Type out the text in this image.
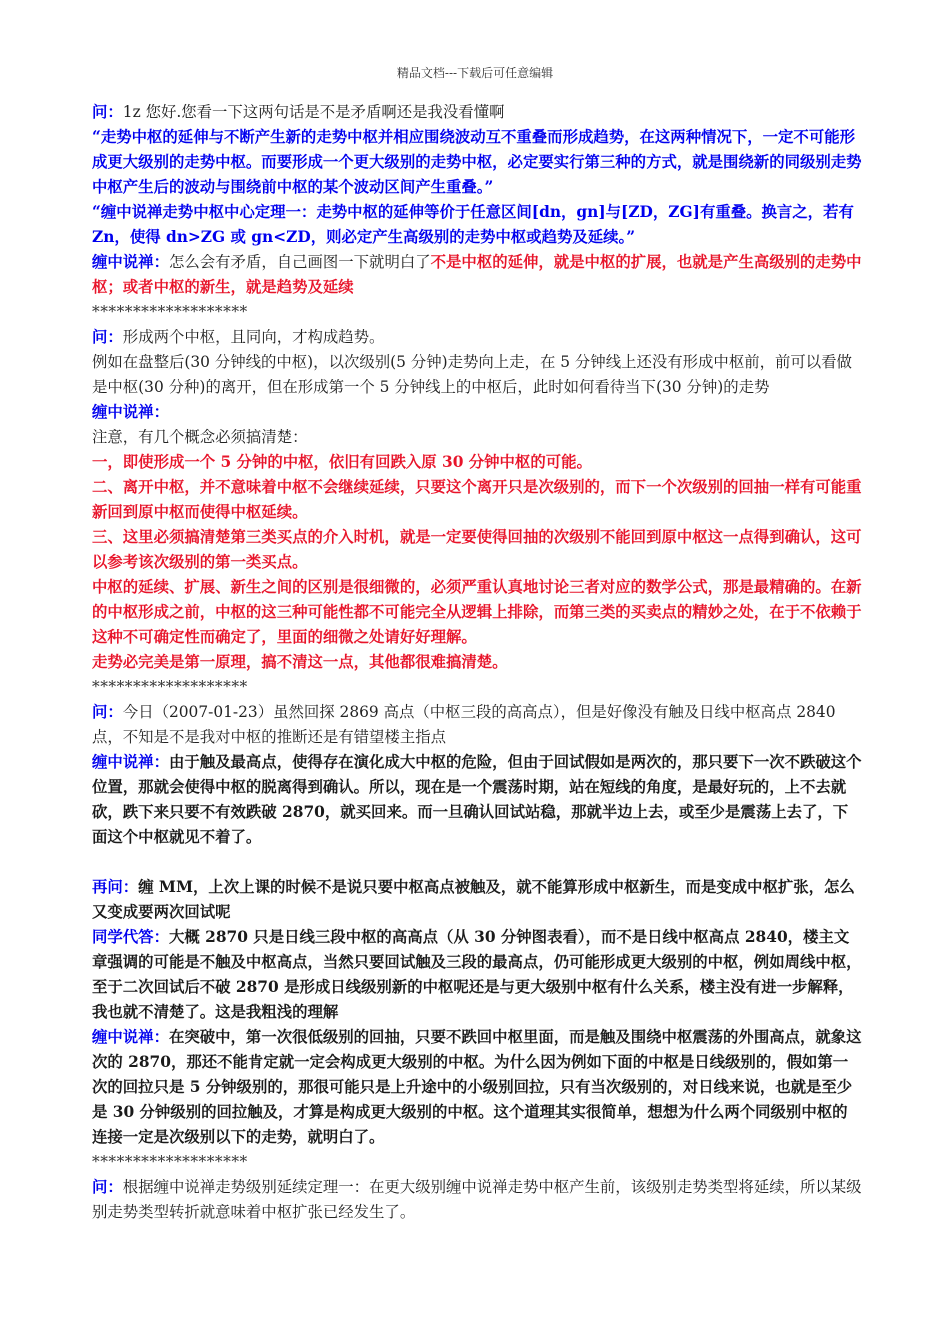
精品文档---下载后可任意编辑

问：1z 您好.您看一下这两句话是不是矛盾啊还是我没看懂啊

“走势中枢的延伸与不断产生新的走势中枢并相应围绕波动互不重叠而形成趋势，在这两种情况下，一定不可能形成更大级别的走势中枢。而要形成一个更大级别的走势中枢，必定要实行第三种的方式，就是围绕新的同级别走势中枢产生后的波动与围绕前中枢的某个波动区间产生重叠。”

“缠中说禅走势中枢中心定理一：走势中枢的延伸等价于任意区间[dn，gn]与[ZD，ZG]有重叠。换言之，若有 Zn，使得 dn>ZG 或 gn<ZD，则必定产生高级别的走势中枢或趋势及延续。”

缠中说禅：怎么会有矛盾，自己画图一下就明白了不是中枢的延伸，就是中枢的扩展，也就是产生高级别的走势中枢；或者中枢的新生，就是趋势及延续

*******************

问：形成两个中枢，且同向，才构成趋势。

例如在盘整后(30 分钟线的中枢)，以次级别(5 分钟)走势向上走，在 5 分钟线上还没有形成中枢前，前可以看做是中枢(30 分种)的离开，但在形成第一个 5 分钟线上的中枢后，此时如何看待当下(30 分钟)的走势

缠中说禅：

注意，有几个概念必须搞清楚：

一，即使形成一个 5 分钟的中枢，依旧有回跌入原 30 分钟中枢的可能。

二、离开中枢，并不意味着中枢不会继续延续，只要这个离开只是次级别的，而下一个次级别的回抽一样有可能重新回到原中枢而使得中枢延续。

三、这里必须搞清楚第三类买点的介入时机，就是一定要使得回抽的次级别不能回到原中枢这一点得到确认，这可以参考该次级别的第一类买点。

中枢的延续、扩展、新生之间的区别是很细微的，必须严重认真地讨论三者对应的数学公式，那是最精确的。在新的中枢形成之前，中枢的这三种可能性都不可能完全从逻辑上排除，而第三类的买卖点的精妙之处，在于不依赖于这种不可确定性而确定了，里面的细微之处请好好理解。

走势必完美是第一原理，搞不清这一点，其他都很难搞清楚。

*******************

问：今日（2007-01-23）虽然回探 2869 高点（中枢三段的高高点），但是好像没有触及日线中枢高点 2840 点，不知是不是我对中枢的推断还是有错望楼主指点

缠中说禅：由于触及最高点，使得存在演化成大中枢的危险，但由于回试假如是两次的，那只要下一次不跌破这个位置，那就会使得中枢的脱离得到确认。所以，现在是一个震荡时期，站在短线的角度，是最好玩的，上不去就砍，跌下来只要不有效跌破 2870，就买回来。而一旦确认回试站稳，那就半边上去，或至少是震荡上去了，下面这个中枢就见不着了。

再问：缠 MM，上次上课的时候不是说只要中枢高点被触及，就不能算形成中枢新生，而是变成中枢扩张，怎么又变成要两次回试呢

同学代答：大概 2870 只是日线三段中枢的高高点（从 30 分钟图表看），而不是日线中枢高点 2840，楼主文章强调的可能是不触及中枢高点，当然只要回试触及三段的最高点，仍可能形成更大级别的中枢，例如周线中枢，至于二次回试后不破 2870 是形成日线级别新的中枢呢还是与更大级别中枢有什么关系，楼主没有进一步解释，我也就不清楚了。这是我粗浅的理解

缠中说禅：在突破中，第一次很低级别的回抽，只要不跌回中枢里面，而是触及围绕中枢震荡的外围高点，就象这次的 2870，那还不能肯定就一定会构成更大级别的中枢。为什么因为例如下面的中枢是日线级别的，假如第一次的回拉只是 5 分钟级别的，那很可能只是上升途中的小级别回拉，只有当次级别的，对日线来说，也就是至少是 30 分钟级别的回拉触及，才算是构成更大级别的中枢。这个道理其实很简单，想想为什么两个同级别中枢的连接一定是次级别以下的走势，就明白了。

*******************

问：根据缠中说禅走势级别延续定理一：在更大级别缠中说禅走势中枢产生前，该级别走势类型将延续，所以某级别走势类型转折就意味着中枢扩张已经发生了。
